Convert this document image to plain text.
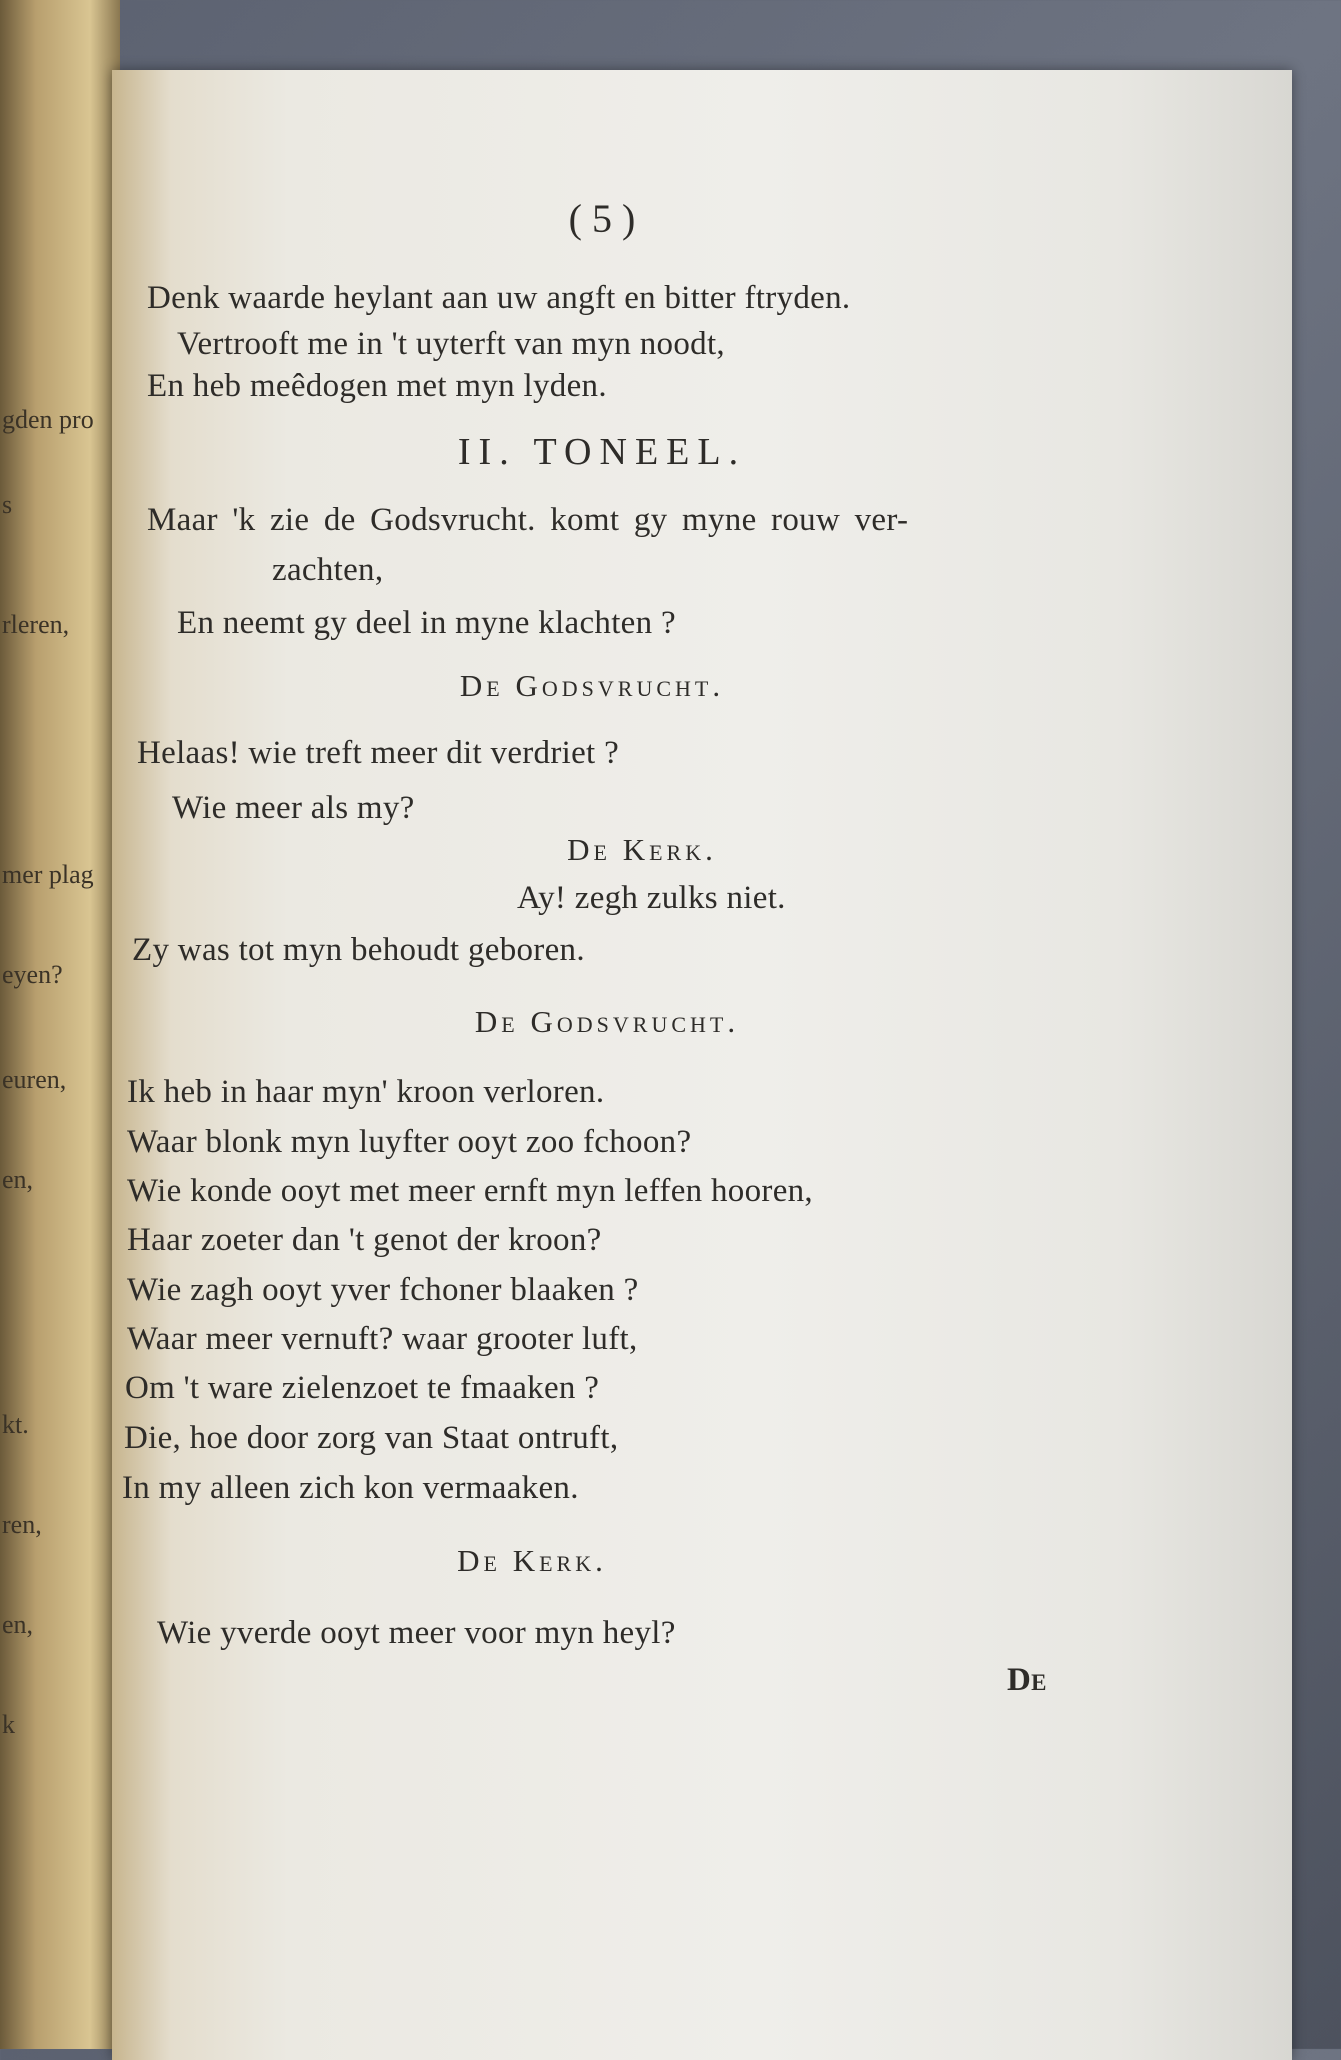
gden pro
s
rleren,
mer plag
eyen?
euren,
en,
kt.
ren,
en,
k
( 5 )
Denk waarde heylant aan uw angft en bitter ftryden.
Vertrooft me in 't uyterft van myn noodt,
En heb meêdogen met myn lyden.
II. TONEEL.
Maar 'k zie de Godsvrucht. komt gy myne rouw ver-
zachten,
En neemt gy deel in myne klachten ?
De Godsvrucht.
Helaas! wie treft meer dit verdriet ?
Wie meer als my?
De Kerk.
Ay! zegh zulks niet.
Zy was tot myn behoudt geboren.
De Godsvrucht.
Ik heb in haar myn' kroon verloren.
Waar blonk myn luyfter ooyt zoo fchoon?
Wie konde ooyt met meer ernft myn leffen hooren,
Haar zoeter dan 't genot der kroon?
Wie zagh ooyt yver fchoner blaaken ?
Waar meer vernuft? waar grooter luft,
Om 't ware zielenzoet te fmaaken ?
Die, hoe door zorg van Staat ontruft,
In my alleen zich kon vermaaken.
De Kerk.
Wie yverde ooyt meer voor myn heyl?
De
